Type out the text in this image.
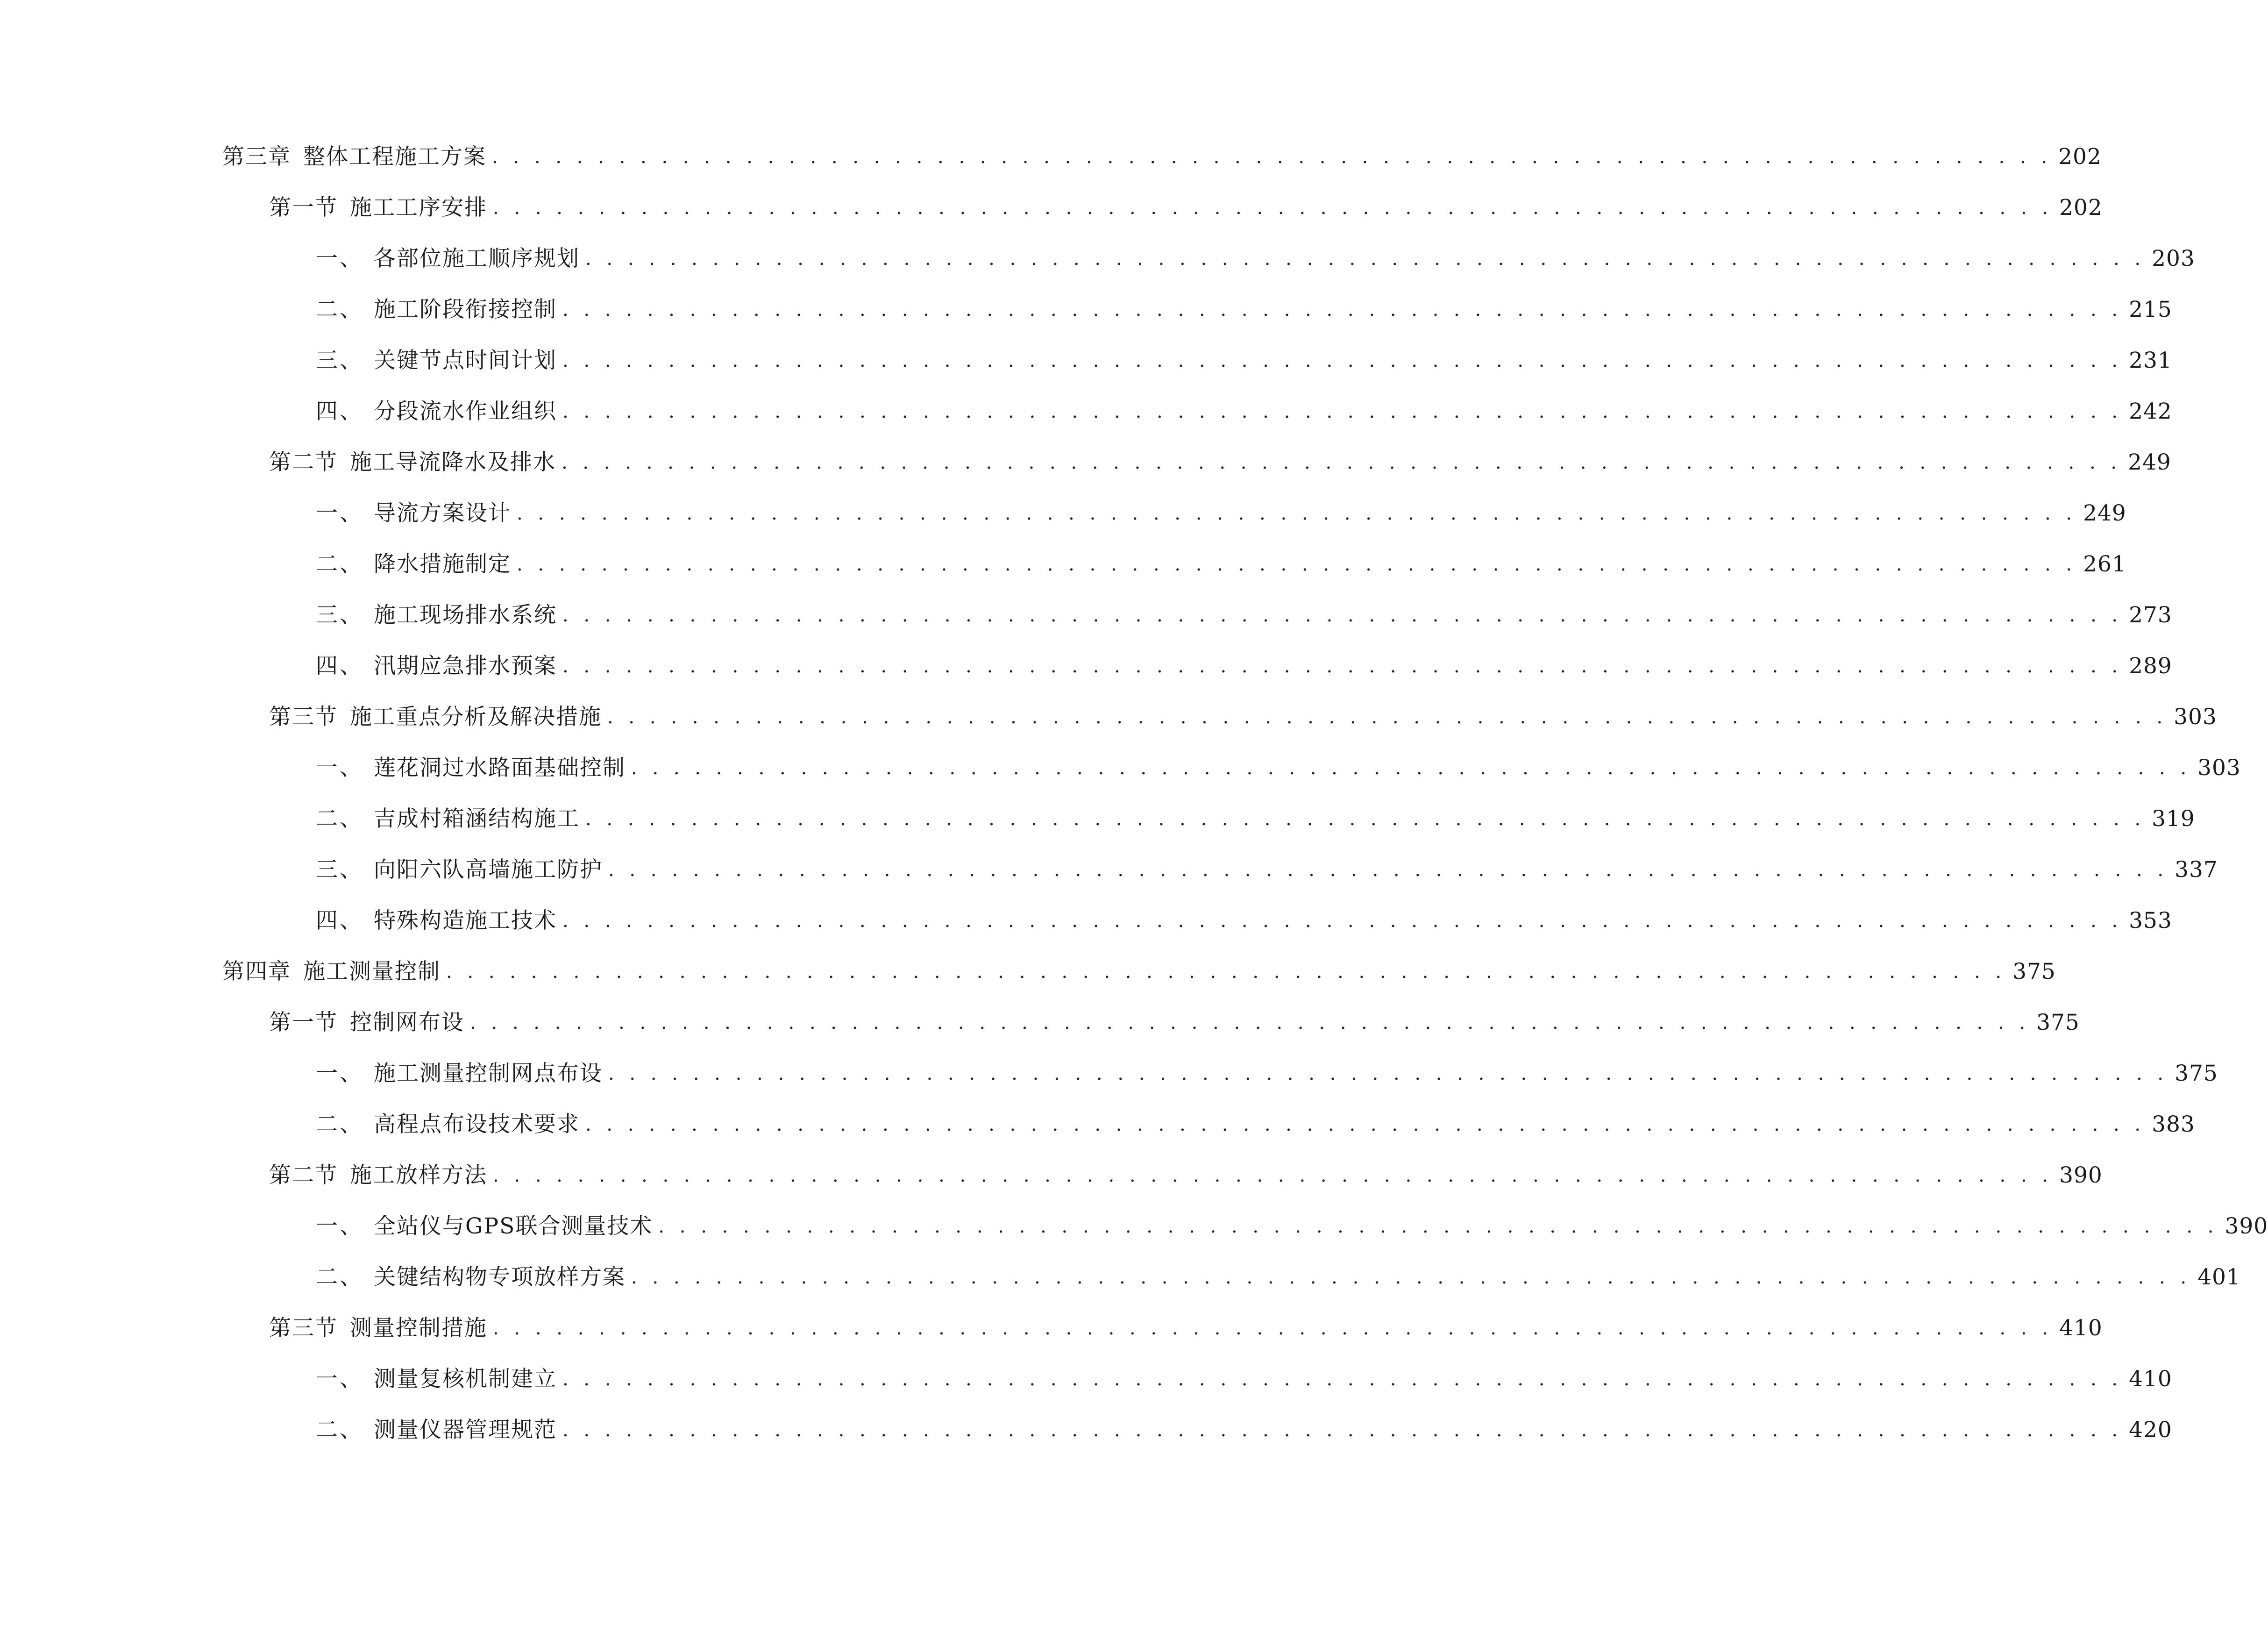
第三章 整体工程施工方案 . . . . . . . . . . . . . . . . . . . . . . . . . . . . . . . . . . . . . . . . . . . . . . . . . . . . . . . . . . . . . . . . . . . . . . . . . . 202
第一节 施工工序安排 . . . . . . . . . . . . . . . . . . . . . . . . . . . . . . . . . . . . . . . . . . . . . . . . . . . . . . . . . . . . . . . . . . . . . . . . . . 202
一、 各部位施工顺序规划 . . . . . . . . . . . . . . . . . . . . . . . . . . . . . . . . . . . . . . . . . . . . . . . . . . . . . . . . . . . . . . . . . . . . . . . . . . 203
二、 施工阶段衔接控制 . . . . . . . . . . . . . . . . . . . . . . . . . . . . . . . . . . . . . . . . . . . . . . . . . . . . . . . . . . . . . . . . . . . . . . . . . . 215
三、 关键节点时间计划 . . . . . . . . . . . . . . . . . . . . . . . . . . . . . . . . . . . . . . . . . . . . . . . . . . . . . . . . . . . . . . . . . . . . . . . . . . 231
四、 分段流水作业组织 . . . . . . . . . . . . . . . . . . . . . . . . . . . . . . . . . . . . . . . . . . . . . . . . . . . . . . . . . . . . . . . . . . . . . . . . . . 242
第二节 施工导流降水及排水 . . . . . . . . . . . . . . . . . . . . . . . . . . . . . . . . . . . . . . . . . . . . . . . . . . . . . . . . . . . . . . . . . . . . . . . . . . 249
一、 导流方案设计 . . . . . . . . . . . . . . . . . . . . . . . . . . . . . . . . . . . . . . . . . . . . . . . . . . . . . . . . . . . . . . . . . . . . . . . . . . 249
二、 降水措施制定 . . . . . . . . . . . . . . . . . . . . . . . . . . . . . . . . . . . . . . . . . . . . . . . . . . . . . . . . . . . . . . . . . . . . . . . . . . 261
三、 施工现场排水系统 . . . . . . . . . . . . . . . . . . . . . . . . . . . . . . . . . . . . . . . . . . . . . . . . . . . . . . . . . . . . . . . . . . . . . . . . . . 273
四、 汛期应急排水预案 . . . . . . . . . . . . . . . . . . . . . . . . . . . . . . . . . . . . . . . . . . . . . . . . . . . . . . . . . . . . . . . . . . . . . . . . . . 289
第三节 施工重点分析及解决措施 . . . . . . . . . . . . . . . . . . . . . . . . . . . . . . . . . . . . . . . . . . . . . . . . . . . . . . . . . . . . . . . . . . . . . . . . . . 303
一、 莲花洞过水路面基础控制 . . . . . . . . . . . . . . . . . . . . . . . . . . . . . . . . . . . . . . . . . . . . . . . . . . . . . . . . . . . . . . . . . . . . . . . . . . 303
二、 吉成村箱涵结构施工 . . . . . . . . . . . . . . . . . . . . . . . . . . . . . . . . . . . . . . . . . . . . . . . . . . . . . . . . . . . . . . . . . . . . . . . . . . 319
三、 向阳六队高墙施工防护 . . . . . . . . . . . . . . . . . . . . . . . . . . . . . . . . . . . . . . . . . . . . . . . . . . . . . . . . . . . . . . . . . . . . . . . . . . 337
四、 特殊构造施工技术 . . . . . . . . . . . . . . . . . . . . . . . . . . . . . . . . . . . . . . . . . . . . . . . . . . . . . . . . . . . . . . . . . . . . . . . . . . 353
第四章 施工测量控制 . . . . . . . . . . . . . . . . . . . . . . . . . . . . . . . . . . . . . . . . . . . . . . . . . . . . . . . . . . . . . . . . . . . . . . . . . . 375
第一节 控制网布设 . . . . . . . . . . . . . . . . . . . . . . . . . . . . . . . . . . . . . . . . . . . . . . . . . . . . . . . . . . . . . . . . . . . . . . . . . . 375
一、 施工测量控制网点布设 . . . . . . . . . . . . . . . . . . . . . . . . . . . . . . . . . . . . . . . . . . . . . . . . . . . . . . . . . . . . . . . . . . . . . . . . . . 375
二、 高程点布设技术要求 . . . . . . . . . . . . . . . . . . . . . . . . . . . . . . . . . . . . . . . . . . . . . . . . . . . . . . . . . . . . . . . . . . . . . . . . . . 383
第二节 施工放样方法 . . . . . . . . . . . . . . . . . . . . . . . . . . . . . . . . . . . . . . . . . . . . . . . . . . . . . . . . . . . . . . . . . . . . . . . . . . 390
一、 全站仪与GPS联合测量技术 . . . . . . . . . . . . . . . . . . . . . . . . . . . . . . . . . . . . . . . . . . . . . . . . . . . . . . . . . . . . . . . . . . . . . . . . . . 390
二、 关键结构物专项放样方案 . . . . . . . . . . . . . . . . . . . . . . . . . . . . . . . . . . . . . . . . . . . . . . . . . . . . . . . . . . . . . . . . . . . . . . . . . . 401
第三节 测量控制措施 . . . . . . . . . . . . . . . . . . . . . . . . . . . . . . . . . . . . . . . . . . . . . . . . . . . . . . . . . . . . . . . . . . . . . . . . . . 410
一、 测量复核机制建立 . . . . . . . . . . . . . . . . . . . . . . . . . . . . . . . . . . . . . . . . . . . . . . . . . . . . . . . . . . . . . . . . . . . . . . . . . . 410
二、 测量仪器管理规范 . . . . . . . . . . . . . . . . . . . . . . . . . . . . . . . . . . . . . . . . . . . . . . . . . . . . . . . . . . . . . . . . . . . . . . . . . . 420
